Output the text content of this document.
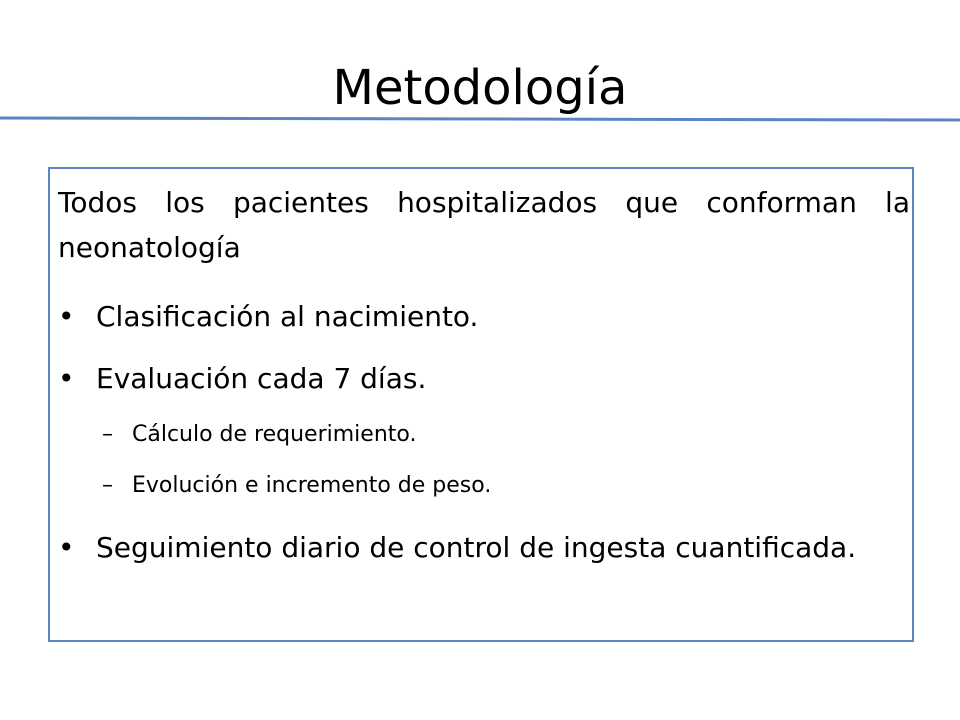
Metodología
Todos los pacientes hospitalizados que conforman la neonatología
• Clasificación al nacimiento.
• Evaluación cada 7 días.
– Cálculo de requerimiento.
– Evolución e incremento de peso.
• Seguimiento diario de control de ingesta cuantificada.
